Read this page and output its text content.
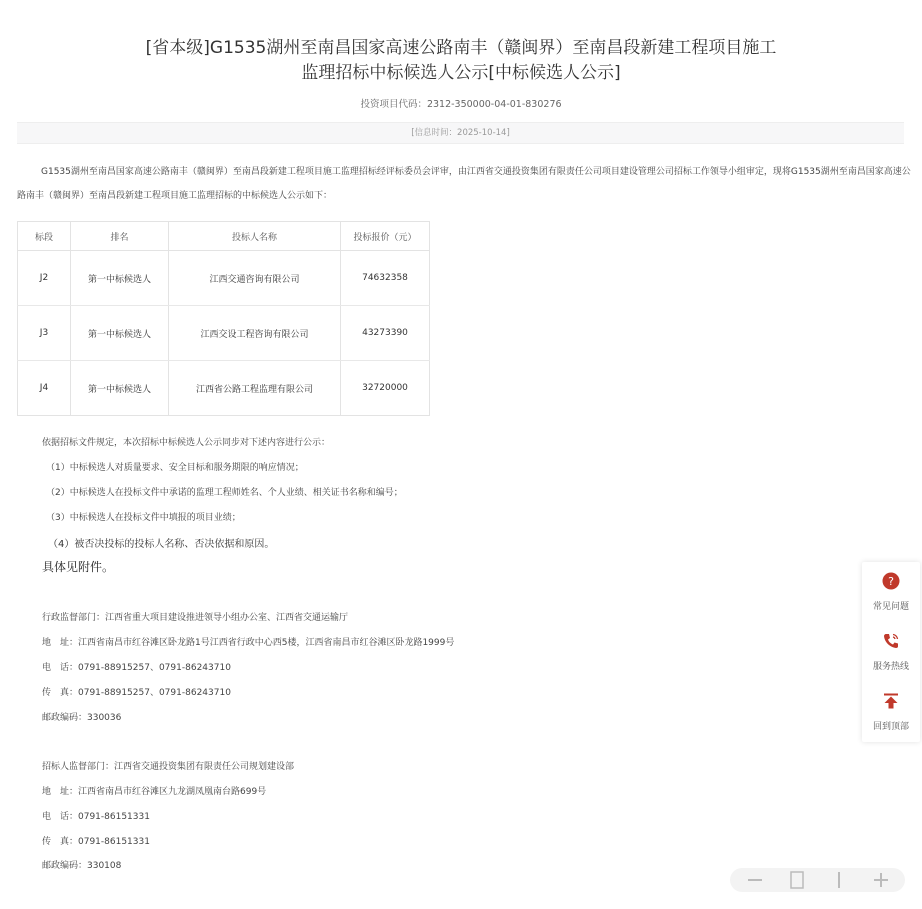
[省本级]G1535湖州至南昌国家高速公路南丰（赣闽界）至南昌段新建工程项目施工
监理招标中标候选人公示[中标候选人公示]
投资项目代码：2312-350000-04-01-830276
[信息时间：2025-10-14]
G1535湖州至南昌国家高速公路南丰（赣闽界）至南昌段新建工程项目施工监理招标经评标委员会评审，由江西省交通投资集团有限责任公司项目建设管理公司招标工作领导小组审定，现将G1535湖州至南昌国家高速公路南丰（赣闽界）至南昌段新建工程项目施工监理招标的中标候选人公示如下：
标段	排名	投标人名称	投标报价（元）
J2	第一中标候选人	江西交通咨询有限公司	74632358
J3	第一中标候选人	江西交设工程咨询有限公司	43273390
J4	第一中标候选人	江西省公路工程监理有限公司	32720000
依据招标文件规定，本次招标中标候选人公示同步对下述内容进行公示：
（1）中标候选人对质量要求、安全目标和服务期限的响应情况；
（2）中标候选人在投标文件中承诺的监理工程师姓名、个人业绩、相关证书名称和编号；
（3）中标候选人在投标文件中填报的项目业绩；
（4）被否决投标的投标人名称、否决依据和原因。
具体见附件。
行政监督部门：江西省重大项目建设推进领导小组办公室、江西省交通运输厅
地　址：江西省南昌市红谷滩区卧龙路1号江西省行政中心西5楼，江西省南昌市红谷滩区卧龙路1999号
电　话：0791-88915257、0791-86243710
传　真：0791-88915257、0791-86243710
邮政编码：330036
招标人监督部门：江西省交通投资集团有限责任公司规划建设部
地　址：江西省南昌市红谷滩区九龙湖凤凰南台路699号
电　话：0791-86151331
传　真：0791-86151331
邮政编码：330108
?
常见问题
服务热线
回到顶部
